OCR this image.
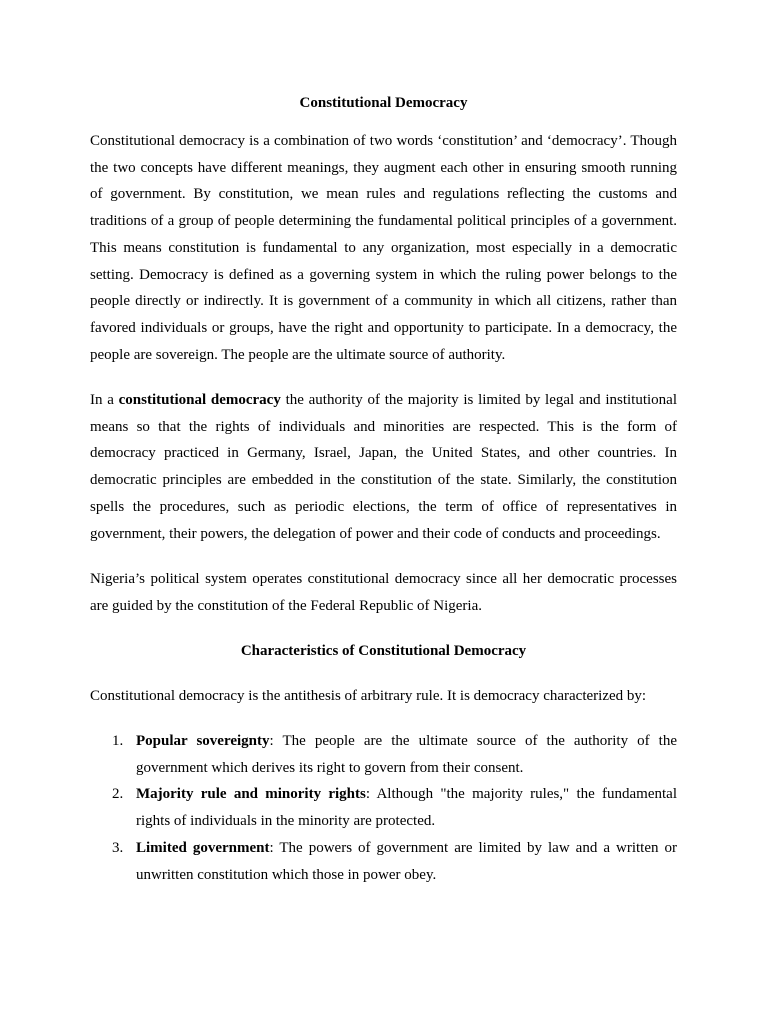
Constitutional Democracy

Constitutional democracy is a combination of two words ‘constitution’ and ‘democracy’. Though the two concepts have different meanings, they augment each other in ensuring smooth running of government. By constitution, we mean rules and regulations reflecting the customs and traditions of a group of people determining the fundamental political principles of a government. This means constitution is fundamental to any organization, most especially in a democratic setting. Democracy is defined as a governing system in which the ruling power belongs to the people directly or indirectly. It is government of a community in which all citizens, rather than favored individuals or groups, have the right and opportunity to participate. In a democracy, the people are sovereign. The people are the ultimate source of authority.

In a constitutional democracy the authority of the majority is limited by legal and institutional means so that the rights of individuals and minorities are respected. This is the form of democracy practiced in Germany, Israel, Japan, the United States, and other countries. In democratic principles are embedded in the constitution of the state. Similarly, the constitution spells the procedures, such as periodic elections, the term of office of representatives in government, their powers, the delegation of power and their code of conducts and proceedings.

Nigeria’s political system operates constitutional democracy since all her democratic processes are guided by the constitution of the Federal Republic of Nigeria.

Characteristics of Constitutional Democracy

Constitutional democracy is the antithesis of arbitrary rule. It is democracy characterized by:

1. Popular sovereignty: The people are the ultimate source of the authority of the government which derives its right to govern from their consent.
2. Majority rule and minority rights: Although "the majority rules," the fundamental rights of individuals in the minority are protected.
3. Limited government: The powers of government are limited by law and a written or unwritten constitution which those in power obey.
